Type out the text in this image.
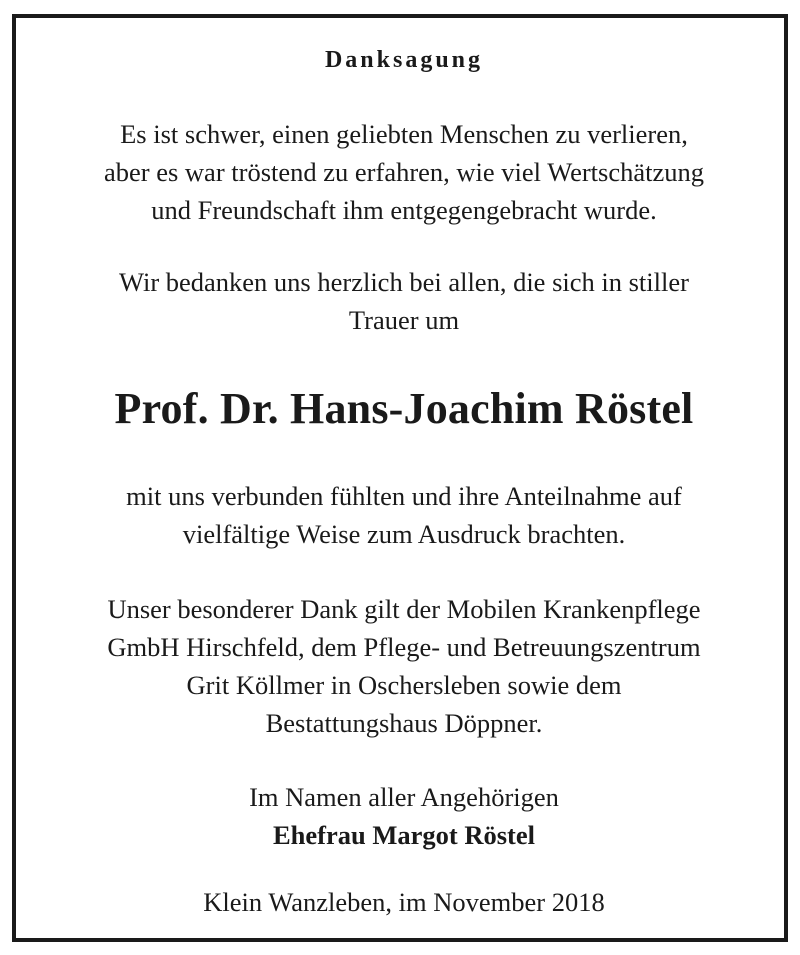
Danksagung

Es ist schwer, einen geliebten Menschen zu verlieren,

aber es war tröstend zu erfahren, wie viel Wertschätzung

und Freundschaft ihm entgegengebracht wurde.

Wir bedanken uns herzlich bei allen, die sich in stiller

Trauer um

Prof. Dr. Hans-Joachim Röstel

mit uns verbunden fühlten und ihre Anteilnahme auf

vielfältige Weise zum Ausdruck brachten.

Unser besonderer Dank gilt der Mobilen Krankenpflege

GmbH Hirschfeld, dem Pflege- und Betreuungszentrum

Grit Köllmer in Oschersleben sowie dem

Bestattungshaus Döppner.

Im Namen aller Angehörigen

Ehefrau Margot Röstel

Klein Wanzleben, im November 2018
